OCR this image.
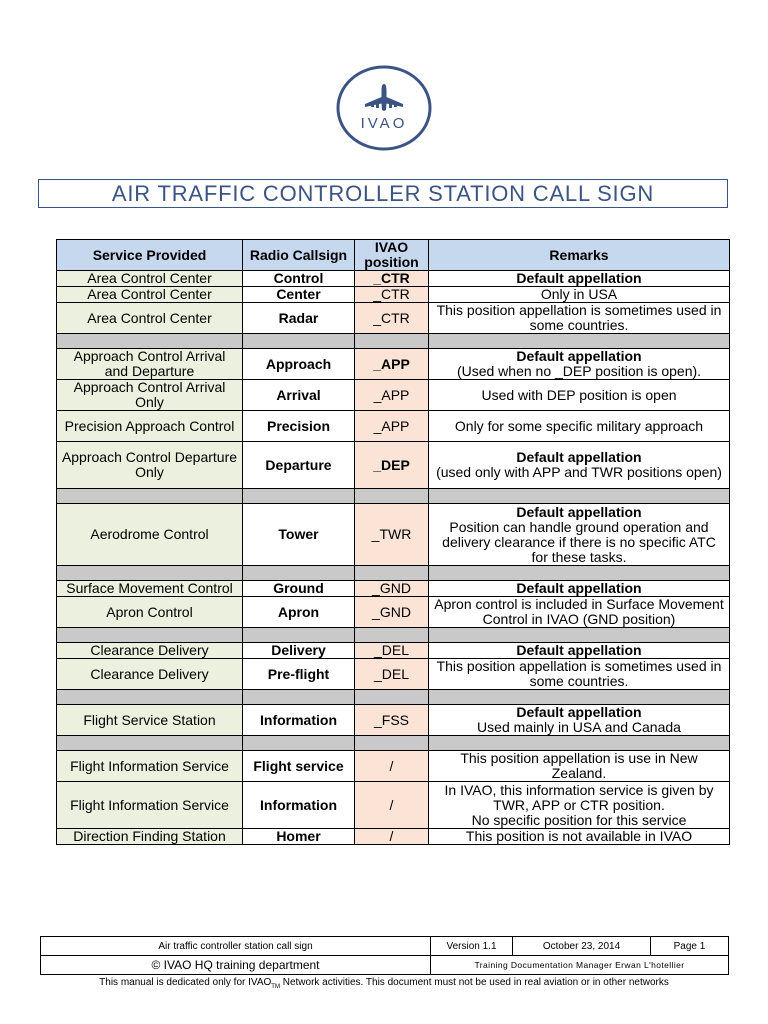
IVAO
AIR TRAFFIC CONTROLLER STATION CALL SIGN
Service Provided	Radio Callsign	IVAO position	Remarks
Area Control Center	Control	_CTR	Default appellation

Area Control Center	Center	_CTR	Only in USA

Area Control Center	Radar	_CTR	This position appellation is sometimes used in some countries.

Approach Control Arrival and Departure	Approach	_APP	Default appellation
(Used when no _DEP position is open).

Approach Control Arrival Only	Arrival	_APP	Used with DEP position is open

Precision Approach Control	Precision	_APP	Only for some specific military approach

Approach Control Departure Only	Departure	_DEP	Default appellation
(used only with APP and TWR positions open)

Aerodrome Control	Tower	_TWR	Default appellation
Position can handle ground operation and delivery clearance if there is no specific ATC for these tasks.

Surface Movement Control	Ground	_GND	Default appellation

Apron Control	Apron	_GND	Apron control is included in Surface Movement Control in IVAO (GND position)

Clearance Delivery	Delivery	_DEL	Default appellation

Clearance Delivery	Pre-flight	_DEL	This position appellation is sometimes used in some countries.

Flight Service Station	Information	_FSS	Default appellation
Used mainly in USA and Canada

Flight Information Service	Flight service	/	This position appellation is use in New Zealand.

Flight Information Service	Information	/	In IVAO, this information service is given by TWR, APP or CTR position.
No specific position for this service

Direction Finding Station	Homer	/	This position is not available in IVAO
Air traffic controller station call sign	Version 1.1	October 23, 2014	Page 1
© IVAO HQ training department	Training Documentation Manager Erwan L'hotellier		
This manual is dedicated only for $IVAO_{TM}$ Network activities. This document must not be used in real aviation or in other networks
